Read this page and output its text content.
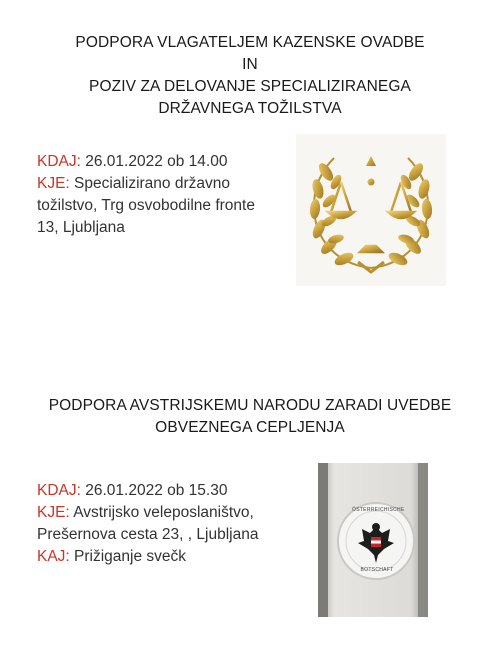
PODPORA VLAGATELJEM KAZENSKE OVADBE
IN
POZIV ZA DELOVANJE SPECIALIZIRANEGA
DRŽAVNEGA TOŽILSTVA
KDAJ: 26.01.2022 ob 14.00
KJE: Specializirano državno
tožilstvo, Trg osvobodilne fronte
13, Ljubljana
PODPORA AVSTRIJSKEMU NARODU ZARADI UVEDBE
OBVEZNEGA CEPLJENJA
KDAJ: 26.01.2022 ob 15.30
KJE: Avstrijsko veleposlaništvo,
Prešernova cesta 23, , Ljubljana
KAJ: Prižiganje svečk
ÖSTERREICHISCHE
BOTSCHAFT
